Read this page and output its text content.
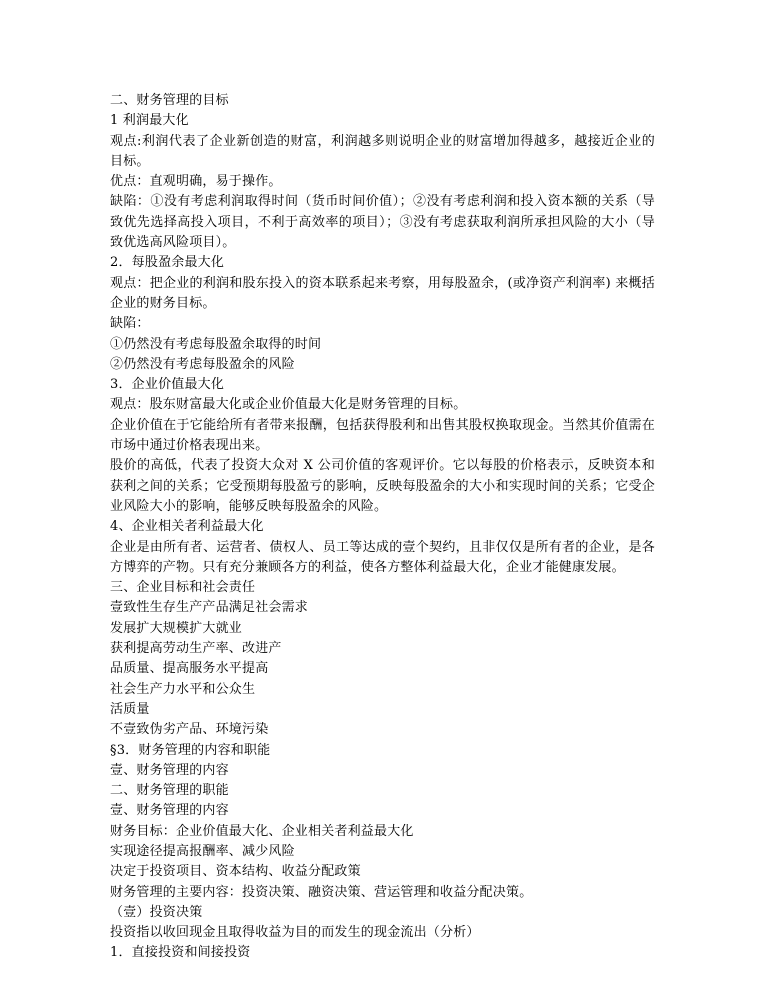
二、财务管理的目标
1 利润最大化
观点:利润代表了企业新创造的财富，利润越多则说明企业的财富增加得越多，越接近企业的目标。
优点：直观明确，易于操作。
缺陷：①没有考虑利润取得时间（货币时间价值）；②没有考虑利润和投入资本额的关系（导致优先选择高投入项目，不利于高效率的项目）；③没有考虑获取利润所承担风险的大小（导致优选高风险项目）。
2．每股盈余最大化
观点：把企业的利润和股东投入的资本联系起来考察，用每股盈余，(或净资产利润率) 来概括企业的财务目标。
缺陷：
①仍然没有考虑每股盈余取得的时间
②仍然没有考虑每股盈余的风险
3．企业价值最大化
观点：股东财富最大化或企业价值最大化是财务管理的目标。
企业价值在于它能给所有者带来报酬，包括获得股利和出售其股权换取现金。当然其价值需在市场中通过价格表现出来。
股价的高低，代表了投资大众对 X 公司价值的客观评价。它以每股的价格表示，反映资本和获利之间的关系；它受预期每股盈亏的影响，反映每股盈余的大小和实现时间的关系；它受企业风险大小的影响，能够反映每股盈余的风险。
4、企业相关者利益最大化
企业是由所有者、运营者、债权人、员工等达成的壹个契约，且非仅仅是所有者的企业，是各方博弈的产物。只有充分兼顾各方的利益，使各方整体利益最大化，企业才能健康发展。
三、企业目标和社会责任
壹致性生存生产产品满足社会需求
发展扩大规模扩大就业
获利提高劳动生产率、改进产
品质量、提高服务水平提高
社会生产力水平和公众生
活质量
不壹致伪劣产品、环境污染
§3．财务管理的内容和职能
壹、财务管理的内容
二、财务管理的职能
壹、财务管理的内容
财务目标：企业价值最大化、企业相关者利益最大化
实现途径提高报酬率、减少风险
决定于投资项目、资本结构、收益分配政策
财务管理的主要内容：投资决策、融资决策、营运管理和收益分配决策。
（壹）投资决策
投资指以收回现金且取得收益为目的而发生的现金流出（分析）
1．直接投资和间接投资
